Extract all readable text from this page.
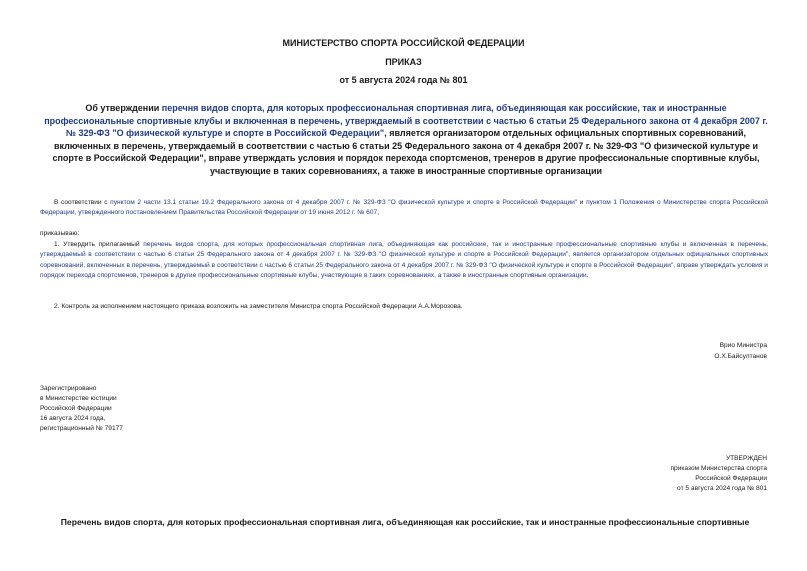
МИНИСТЕРСТВО СПОРТА РОССИЙСКОЙ ФЕДЕРАЦИИ
ПРИКАЗ
от 5 августа 2024 года № 801
Об утверждении перечня видов спорта, для которых профессиональная спортивная лига, объединяющая как российские, так и иностранные профессиональные спортивные клубы и включенная в перечень, утверждаемый в соответствии с частью 6 статьи 25 Федерального закона от 4 декабря 2007 г. № 329-ФЗ "О физической культуре и спорте в Российской Федерации", является организатором отдельных официальных спортивных соревнований, включенных в перечень, утверждаемый в соответствии с частью 6 статьи 25 Федерального закона от 4 декабря 2007 г. № 329-ФЗ "О физической культуре и спорте в Российской Федерации", вправе утверждать условия и порядок перехода спортсменов, тренеров в другие профессиональные спортивные клубы, участвующие в таких соревнованиях, а также в иностранные спортивные организации
В соответствии с пунктом 2 части 13.1 статьи 19.2 Федерального закона от 4 декабря 2007 г. № 329-ФЗ "О физической культуре и спорте в Российской Федерации" и пунктом 1 Положения о Министерстве спорта Российской Федерации, утвержденного постановлением Правительства Российской Федерации от 19 июня 2012 г. № 607,
приказываю:
1. Утвердить прилагаемый перечень видов спорта, для которых профессиональная спортивная лига, объединяющая как российские, так и иностранные профессиональные спортивные клубы и включенная в перечень, утверждаемый в соответствии с частью 6 статьи 25 Федерального закона от 4 декабря 2007 г. № 329-ФЗ "О физической культуре и спорте в Российской Федерации", является организатором отдельных официальных спортивных соревнований, включенных в перечень, утверждаемый в соответствии с частью 6 статьи 25 Федерального закона от 4 декабря 2007 г. № 329-ФЗ "О физической культуре и спорте в Российской Федерации", вправе утверждать условия и порядок перехода спортсменов, тренеров в другие профессиональные спортивные клубы, участвующие в таких соревнованиях, а также в иностранные спортивные организации.
2. Контроль за исполнением настоящего приказа возложить на заместителя Министра спорта Российской Федерации А.А.Морозова.
Врио Министра
О.Х.Байсултанов
Зарегистрировано
в Министерстве юстиции
Российской Федерации
16 августа 2024 года,
регистрационный № 79177
УТВЕРЖДЕН
приказом Министерства спорта
Российской Федерации
от 5 августа 2024 года № 801
Перечень видов спорта, для которых профессиональная спортивная лига, объединяющая как российские, так и иностранные профессиональные спортивные
